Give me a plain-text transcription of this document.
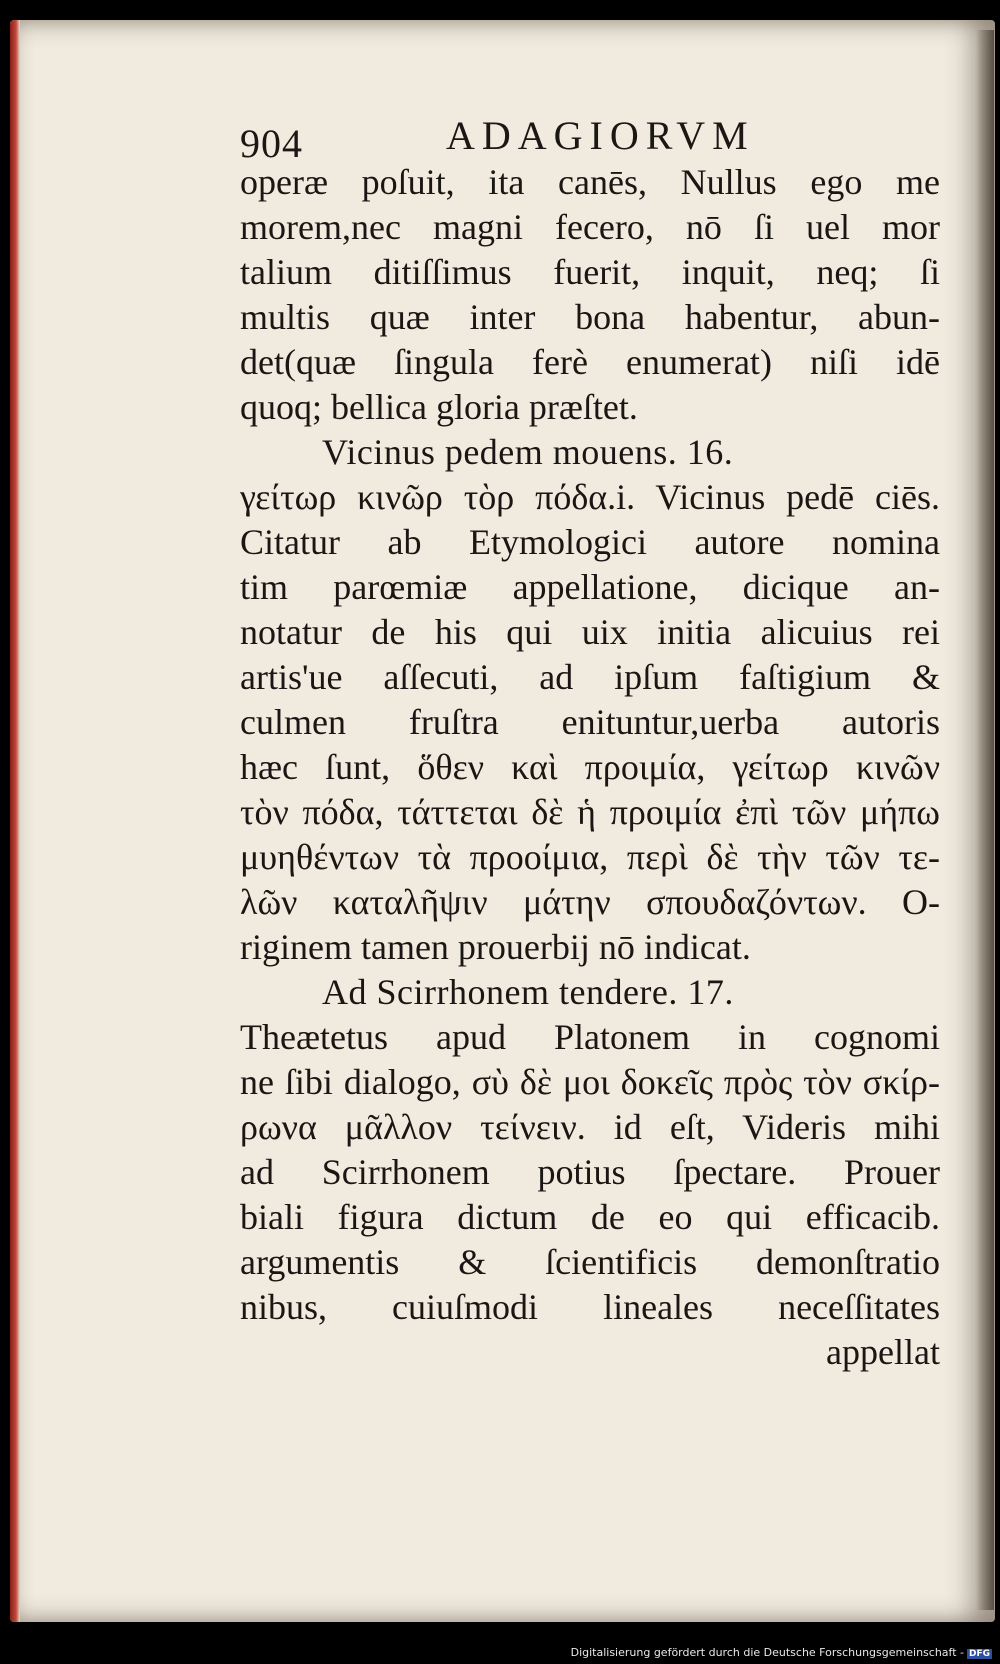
904	ADAGIORVM
operæ poſuit, ita canēs, Nullus ego me
morem,nec magni fecero, nō ſi uel mor
talium ditiſſimus fuerit, inquit, neq; ſi
multis quæ inter bona habentur, abun-
det(quæ ſingula ferè enumerat) niſi idē
quoq; bellica gloria præſtet.
Vicinus pedem mouens. 16.
γείτωρ κινῶρ τὸρ πόδα.i. Vicinus pedē ciēs.
Citatur ab Etymologici autore nomina
tim parœmiæ appellatione, dicique an-
notatur de his qui uix initia alicuius rei
artis'ue aſſecuti, ad ipſum faſtigium &
culmen fruſtra enituntur,uerba autoris
hæc ſunt, ὅθεν καὶ προιμία, γείτωρ κινῶν
τὸν πόδα, τάττεται δὲ ἡ προιμία ἐπὶ τῶν μήπω
μυηθέντων τὰ προοίμια, περὶ δὲ τὴν τῶν τε-
λῶν καταλῆψιν μάτην σπουδαζόντων. O-
riginem tamen prouerbij nō indicat.
Ad Scirrhonem tendere. 17.
Theætetus apud Platonem in cognomi
ne ſibi dialogo, σὺ δὲ μοι δοκεῖς πρὸς τὸν σκίρ-
ρωνα μᾶλλον τείνειν. id eſt, Videris mihi
ad Scirrhonem potius ſpectare. Prouer
biali figura dictum de eo qui efficacib.
argumentis & ſcientificis demonſtratio
nibus, cuiuſmodi lineales neceſſitates
appellat
Digitalisierung gefördert durch die Deutsche Forschungsgemeinschaft - DFG
